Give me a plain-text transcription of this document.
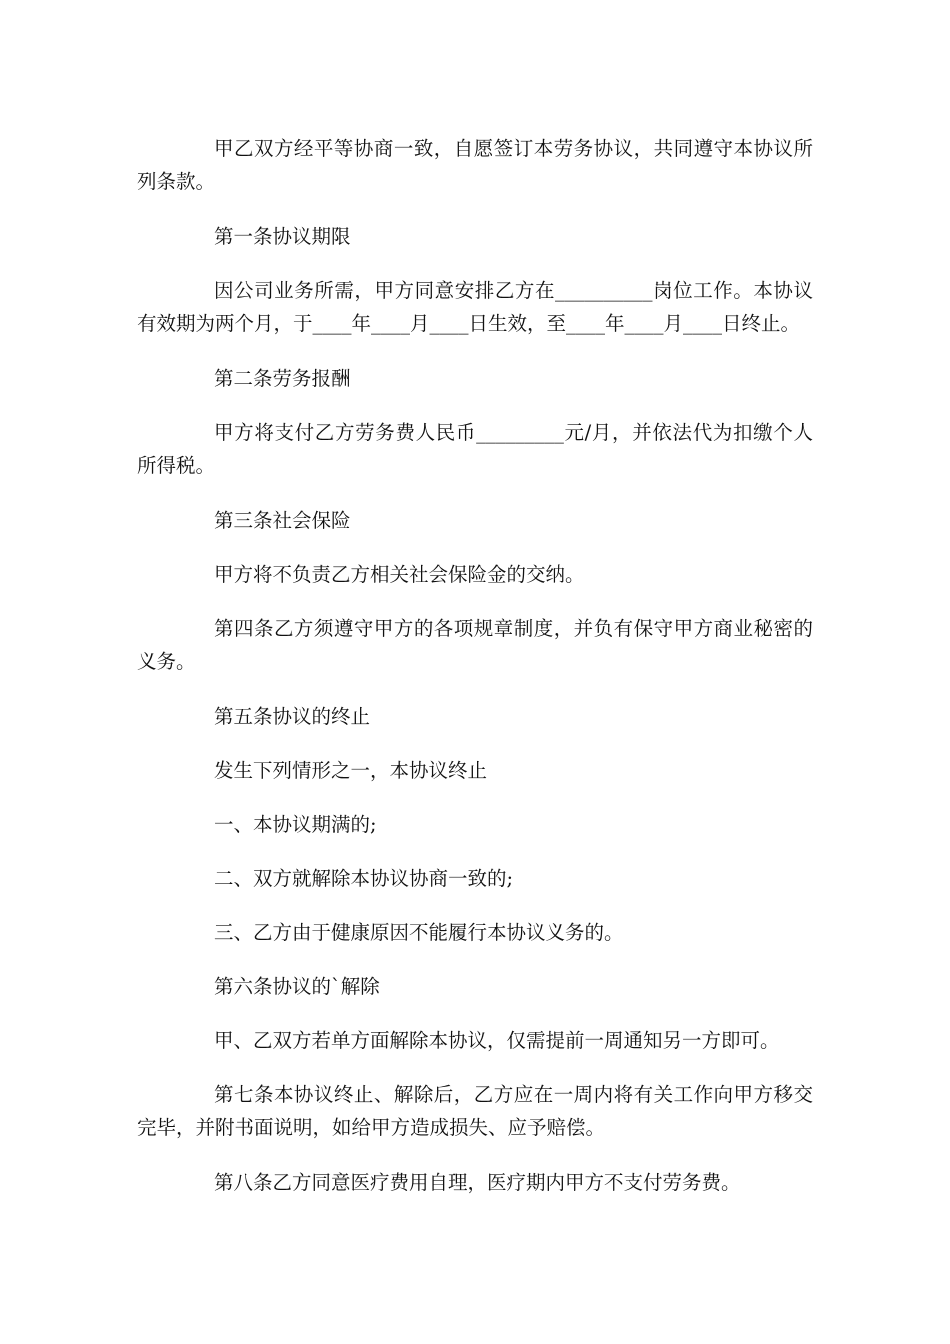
甲乙双方经平等协商一致，自愿签订本劳务协议，共同遵守本协议所列条款。

第一条协议期限

因公司业务所需，甲方同意安排乙方在__________岗位工作。本协议有效期为两个月，于____年____月____日生效，至____年____月____日终止。

第二条劳务报酬

甲方将支付乙方劳务费人民币_________元/月，并依法代为扣缴个人所得税。

第三条社会保险

甲方将不负责乙方相关社会保险金的交纳。

第四条乙方须遵守甲方的各项规章制度，并负有保守甲方商业秘密的义务。

第五条协议的终止

发生下列情形之一，本协议终止

一、本协议期满的;

二、双方就解除本协议协商一致的;

三、乙方由于健康原因不能履行本协议义务的。

第六条协议的`解除

甲、乙双方若单方面解除本协议，仅需提前一周通知另一方即可。

第七条本协议终止、解除后，乙方应在一周内将有关工作向甲方移交完毕，并附书面说明，如给甲方造成损失、应予赔偿。

第八条乙方同意医疗费用自理，医疗期内甲方不支付劳务费。
